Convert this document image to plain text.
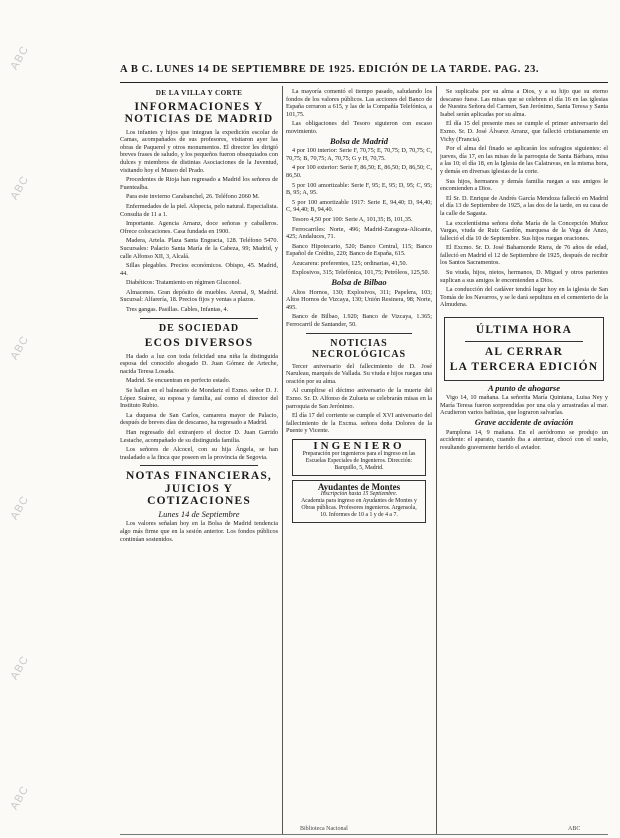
ABC
ABC
ABC
ABC
ABC
ABC
A B C. LUNES 14 DE SEPTIEMBRE DE 1925. EDICIÓN DE LA TARDE. PAG. 23.
DE LA VILLA Y CORTE
INFORMACIONES Y NOTICIAS DE MADRID

Los infantes y hijos que integran la expedición escolar de Camas, acompañados de sus profesores, visitaron ayer las obras de Paquerel y otros monumentos. El director les dirigió breves frases de saludo, y los pequeños fueron obsequiados con dulces y miembros de distintas Asociaciones de la Juventud, visitando hoy el Museo del Prado.

Procedentes de Rioja han regresado a Madrid los señores de Fuentealba.

Para este invierno Carabanchel, 26. Teléfono 2060 M.

Enfermedades de la piel. Alopecia, pelo natural. Especialista. Consulta de 11 a 1.

Importante. Agencia Arnanz, doce señoras y caballeros. Ofrece colocaciones. Casa fundada en 1900.

Madera, Artela. Plaza Santa Engracia, 128. Teléfono 5470. Sucursales: Palacio Santa María de la Cabeza, 99; Madrid, y calle Alfonso XII, 3, Alcalá.

Sillas plegables. Precios económicos. Obispo, 45. Madrid, 44.

Diabéticos: Tratamiento en régimen Gluconol.

Almacenes. Gran depósito de muebles. Arenal, 9, Madrid. Sucursal: Alfarería, 18. Precios fijos y ventas a plazos.

Tres gangas. Pasillas. Cables, Infantas, 4.

DE SOCIEDAD
ECOS DIVERSOS

Ha dado a luz con toda felicidad una niña la distinguida esposa del conocido abogado D. Juan Gómez de Arteche, nacida Teresa Losada.

Madrid. Se encuentran en perfecto estado.

Se hallan en el balneario de Mondariz el Exmo. señor D. J. López Suárez, su esposa y familia, así como el director del Instituto Rubio.

La duquesa de San Carlos, camarera mayor de Palacio, después de breves días de descanso, ha regresado a Madrid.

Han regresado del extranjero el doctor D. Juan Garrido Lestache, acompañado de su distinguida familia.

Los señores de Alcocel, con su hija Ángela, se han trasladado a la finca que poseen en la provincia de Segovia.

NOTAS FINANCIERAS, JUICIOS Y COTIZACIONES
Lunes 14 de Septiembre

Los valores señalan hoy en la Bolsa de Madrid tendencia algo más firme que en la sesión anterior. Los fondos públicos continúan sostenidos.

La mayoría comentó el tiempo pasado, saludando los fondos de los valores públicos. Las acciones del Banco de España cerraron a 615, y las de la Compañía Telefónica, a 101,75.

Las obligaciones del Tesoro siguieron con escaso movimiento.

Bolsa de Madrid

4 por 100 interior: Serie F, 70,75; E, 70,75; D, 70,75; C, 70,75; B, 70,75; A, 70,75; G y H, 70,75.

4 por 100 exterior: Serie F, 86,50; E, 86,50; D, 86,50; C, 86,50.

5 por 100 amortizable: Serie F, 95; E, 95; D, 95; C, 95; B, 95; A, 95.

5 por 100 amortizable 1917: Serie E, 94,40; D, 94,40; C, 94,40; B, 94,40.

Tesoro 4,50 por 100: Serie A, 101,35; B, 101,35.

Ferrocarriles: Norte, 496; Madrid-Zaragoza-Alicante, 425; Andaluces, 71.

Banco Hipotecario, 520; Banco Central, 115; Banco Español de Crédito, 220; Banco de España, 615.

Azucarera: preferentes, 125; ordinarias, 41,50.

Explosivos, 315; Telefónica, 101,75; Petróleos, 125,50.

Bolsa de Bilbao

Altos Hornos, 130; Explosivos, 311; Papelera, 103; Altos Hornos de Vizcaya, 130; Unión Resinera, 98; Norte, 495.

Banco de Bilbao, 1.920; Banco de Vizcaya, 1.365; Ferrocarril de Santander, 50.

NOTICIAS NECROLÓGICAS

Tercer aniversario del fallecimiento de D. José Naruleau, marqués de Vallada. Su viuda e hijos ruegan una oración por su alma.

Al cumplirse el décimo aniversario de la muerte del Exmo. Sr. D. Alfonso de Zulueta se celebrarán misas en la parroquia de San Jerónimo.

El día 17 del corriente se cumple el XVI aniversario del fallecimiento de la Excma. señora doña Dolores de la Puente y Vicente.

INGENIERO
Preparación por ingenieros para el ingreso en las Escuelas Especiales de Ingenieros. Dirección: Barquillo, 5, Madrid.
Ayudantes de Montes
Inscripción hasta 15 Septiembre.
Academia para ingreso en Ayudantes de Montes y Obras públicas. Profesores ingenieros. Argensola, 10. Informes de 10 a 1 y de 4 a 7.

Se suplicaba por su alma a Dios, y a su hijo que su eterno descanso fuese. Las misas que se celebren el día 16 en las iglesias de Nuestra Señora del Carmen, San Jerónimo, Santa Teresa y Santa Isabel serán aplicadas por su alma.

El día 15 del presente mes se cumple el primer aniversario del Exmo. Sr. D. José Álvarez Arranz, que falleció cristianamente en Vichy (Francia).

Por el alma del finado se aplicarán los sufragios siguientes: el jueves, día 17, en las misas de la parroquia de Santa Bárbara, misa a las 10; el día 18, en la Iglesia de las Calatravas, en la misma hora, y demás en diversas iglesias de la corte.

Sus hijos, hermanos y demás familia ruegan a sus amigos le encomienden a Dios.

El Sr. D. Enrique de Andrés García Mendoza falleció en Madrid el día 13 de Septiembre de 1925, a las dos de la tarde, en su casa de la calle de Sagasta.

La excelentísima señora doña María de la Concepción Muñoz Vargas, viuda de Ruiz Gardón, marquesa de la Vega de Anzo, falleció el día 10 de Septiembre. Sus hijos ruegan oraciones.

El Excmo. Sr. D. José Bahamonde Riera, de 76 años de edad, falleció en Madrid el 12 de Septiembre de 1925, después de recibir los Santos Sacramentos.

Su viuda, hijos, nietos, hermanos, D. Miguel y otros parientes suplican a sus amigos le encomienden a Dios.

La conducción del cadáver tendrá lugar hoy en la iglesia de San Tomás de los Navarros, y se le dará sepultura en el cementerio de la Almudena.

ÚLTIMA HORA
AL CERRAR
LA TERCERA EDICIÓN
A punto de ahogarse

Vigo 14, 10 mañana. La señorita María Quintana, Luisa Ney y María Teresa fueron sorprendidas por una ola y arrastradas al mar. Acudieron varios bañistas, que lograron salvarlas.

Grave accidente de aviación

Pamplona 14, 9 mañana. En el aeródromo se produjo un accidente: el aparato, cuando iba a aterrizar, chocó con el suelo, resultando gravemente herido el aviador.

Biblioteca Nacional	ABC
